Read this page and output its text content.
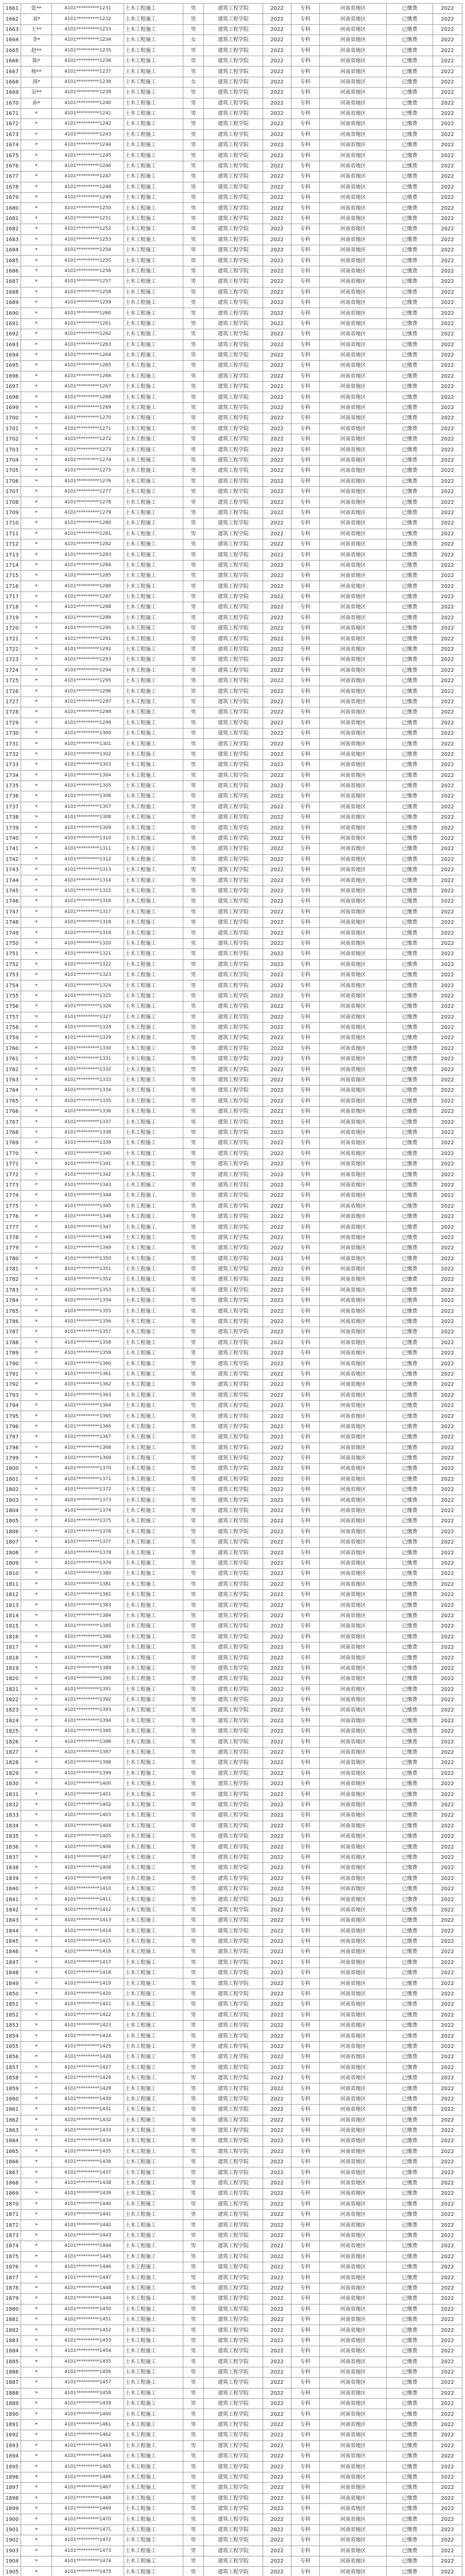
1661	张**	4101**********1231	土木工程施工	男	建筑工程学院	2022	专科	河南省地区	已缴费	2022
1662	刘*	4101**********1232	土木工程施工	男	建筑工程学院	2022	专科	河南省地区	已缴费	2022
1663	王**	4101**********1233	土木工程施工	男	建筑工程学院	2022	专科	河南省地区	已缴费	2022
1664	李*	4101**********1234	土木工程施工	女	建筑工程学院	2022	专科	河南省地区	已缴费	2022
1665	赵**	4101**********1235	土木工程施工	男	建筑工程学院	2022	专科	河南省地区	已缴费	2022
1666	陈*	4101**********1236	土木工程施工	男	建筑工程学院	2022	专科	河南省地区	已缴费	2022
1667	杨**	4101**********1237	土木工程施工	男	建筑工程学院	2022	专科	河南省地区	已缴费	2022
1668	周*	4101**********1238	土木工程施工	女	建筑工程学院	2022	专科	河南省地区	已缴费	2022
1669	吴**	4101**********1239	土木工程施工	男	建筑工程学院	2022	专科	河南省地区	已缴费	2022
1670	孙*	4101**********1240	土木工程施工	男	建筑工程学院	2022	专科	河南省地区	已缴费	2022
1671	*	4101**********1241	土木工程施工	男	建筑工程学院	2022	专科	河南省地区	已缴费	2022
1672	*	4101**********1242	土木工程施工	男	建筑工程学院	2022	专科	河南省地区	已缴费	2022
1673	*	4101**********1243	土木工程施工	男	建筑工程学院	2022	专科	河南省地区	已缴费	2022
1674	*	4101**********1244	土木工程施工	男	建筑工程学院	2022	专科	河南省地区	已缴费	2022
1675	*	4101**********1245	土木工程施工	男	建筑工程学院	2022	专科	河南省地区	已缴费	2022
1676	*	4101**********1246	土木工程施工	男	建筑工程学院	2022	专科	河南省地区	已缴费	2022
1677	*	4101**********1247	土木工程施工	男	建筑工程学院	2022	专科	河南省地区	已缴费	2022
1678	*	4101**********1248	土木工程施工	男	建筑工程学院	2022	专科	河南省地区	已缴费	2022
1679	*	4101**********1249	土木工程施工	男	建筑工程学院	2022	专科	河南省地区	已缴费	2022
1680	*	4101**********1250	土木工程施工	男	建筑工程学院	2022	专科	河南省地区	已缴费	2022
1681	*	4101**********1251	土木工程施工	男	建筑工程学院	2022	专科	河南省地区	已缴费	2022
1682	*	4101**********1252	土木工程施工	男	建筑工程学院	2022	专科	河南省地区	已缴费	2022
1683	*	4101**********1253	土木工程施工	男	建筑工程学院	2022	专科	河南省地区	已缴费	2022
1684	*	4101**********1254	土木工程施工	男	建筑工程学院	2022	专科	河南省地区	已缴费	2022
1685	*	4101**********1255	土木工程施工	男	建筑工程学院	2022	专科	河南省地区	已缴费	2022
1686	*	4101**********1256	土木工程施工	男	建筑工程学院	2022	专科	河南省地区	已缴费	2022
1687	*	4101**********1257	土木工程施工	男	建筑工程学院	2022	专科	河南省地区	已缴费	2022
1688	*	4101**********1258	土木工程施工	男	建筑工程学院	2022	专科	河南省地区	已缴费	2022
1689	*	4101**********1259	土木工程施工	男	建筑工程学院	2022	专科	河南省地区	已缴费	2022
1690	*	4101**********1260	土木工程施工	男	建筑工程学院	2022	专科	河南省地区	已缴费	2022
1691	*	4101**********1261	土木工程施工	男	建筑工程学院	2022	专科	河南省地区	已缴费	2022
1692	*	4101**********1262	土木工程施工	男	建筑工程学院	2022	专科	河南省地区	已缴费	2022
1693	*	4101**********1263	土木工程施工	男	建筑工程学院	2022	专科	河南省地区	已缴费	2022
1694	*	4101**********1264	土木工程施工	男	建筑工程学院	2022	专科	河南省地区	已缴费	2022
1695	*	4101**********1265	土木工程施工	男	建筑工程学院	2022	专科	河南省地区	已缴费	2022
1696	*	4101**********1266	土木工程施工	男	建筑工程学院	2022	专科	河南省地区	已缴费	2022
1697	*	4101**********1267	土木工程施工	男	建筑工程学院	2022	专科	河南省地区	已缴费	2022
1698	*	4101**********1268	土木工程施工	男	建筑工程学院	2022	专科	河南省地区	已缴费	2022
1699	*	4101**********1269	土木工程施工	男	建筑工程学院	2022	专科	河南省地区	已缴费	2022
1700	*	4101**********1270	土木工程施工	男	建筑工程学院	2022	专科	河南省地区	已缴费	2022
1701	*	4101**********1271	土木工程施工	男	建筑工程学院	2022	专科	河南省地区	已缴费	2022
1702	*	4101**********1272	土木工程施工	男	建筑工程学院	2022	专科	河南省地区	已缴费	2022
1703	*	4101**********1273	土木工程施工	男	建筑工程学院	2022	专科	河南省地区	已缴费	2022
1704	*	4101**********1274	土木工程施工	男	建筑工程学院	2022	专科	河南省地区	已缴费	2022
1705	*	4101**********1275	土木工程施工	男	建筑工程学院	2022	专科	河南省地区	已缴费	2022
1706	*	4101**********1276	土木工程施工	男	建筑工程学院	2022	专科	河南省地区	已缴费	2022
1707	*	4101**********1277	土木工程施工	男	建筑工程学院	2022	专科	河南省地区	已缴费	2022
1708	*	4101**********1278	土木工程施工	男	建筑工程学院	2022	专科	河南省地区	已缴费	2022
1709	*	4101**********1279	土木工程施工	男	建筑工程学院	2022	专科	河南省地区	已缴费	2022
1710	*	4101**********1280	土木工程施工	男	建筑工程学院	2022	专科	河南省地区	已缴费	2022
1711	*	4101**********1281	土木工程施工	男	建筑工程学院	2022	专科	河南省地区	已缴费	2022
1712	*	4101**********1282	土木工程施工	男	建筑工程学院	2022	专科	河南省地区	已缴费	2022
1713	*	4101**********1283	土木工程施工	男	建筑工程学院	2022	专科	河南省地区	已缴费	2022
1714	*	4101**********1284	土木工程施工	男	建筑工程学院	2022	专科	河南省地区	已缴费	2022
1715	*	4101**********1285	土木工程施工	男	建筑工程学院	2022	专科	河南省地区	已缴费	2022
1716	*	4101**********1286	土木工程施工	男	建筑工程学院	2022	专科	河南省地区	已缴费	2022
1717	*	4101**********1287	土木工程施工	男	建筑工程学院	2022	专科	河南省地区	已缴费	2022
1718	*	4101**********1288	土木工程施工	男	建筑工程学院	2022	专科	河南省地区	已缴费	2022
1719	*	4101**********1289	土木工程施工	男	建筑工程学院	2022	专科	河南省地区	已缴费	2022
1720	*	4101**********1290	土木工程施工	男	建筑工程学院	2022	专科	河南省地区	已缴费	2022
1721	*	4101**********1291	土木工程施工	男	建筑工程学院	2022	专科	河南省地区	已缴费	2022
1722	*	4101**********1292	土木工程施工	男	建筑工程学院	2022	专科	河南省地区	已缴费	2022
1723	*	4101**********1293	土木工程施工	男	建筑工程学院	2022	专科	河南省地区	已缴费	2022
1724	*	4101**********1294	土木工程施工	男	建筑工程学院	2022	专科	河南省地区	已缴费	2022
1725	*	4101**********1295	土木工程施工	男	建筑工程学院	2022	专科	河南省地区	已缴费	2022
1726	*	4101**********1296	土木工程施工	男	建筑工程学院	2022	专科	河南省地区	已缴费	2022
1727	*	4101**********1297	土木工程施工	男	建筑工程学院	2022	专科	河南省地区	已缴费	2022
1728	*	4101**********1298	土木工程施工	男	建筑工程学院	2022	专科	河南省地区	已缴费	2022
1729	*	4101**********1299	土木工程施工	男	建筑工程学院	2022	专科	河南省地区	已缴费	2022
1730	*	4101**********1300	土木工程施工	男	建筑工程学院	2022	专科	河南省地区	已缴费	2022
1731	*	4101**********1301	土木工程施工	男	建筑工程学院	2022	专科	河南省地区	已缴费	2022
1732	*	4101**********1302	土木工程施工	男	建筑工程学院	2022	专科	河南省地区	已缴费	2022
1733	*	4101**********1303	土木工程施工	男	建筑工程学院	2022	专科	河南省地区	已缴费	2022
1734	*	4101**********1304	土木工程施工	男	建筑工程学院	2022	专科	河南省地区	已缴费	2022
1735	*	4101**********1305	土木工程施工	男	建筑工程学院	2022	专科	河南省地区	已缴费	2022
1736	*	4101**********1306	土木工程施工	男	建筑工程学院	2022	专科	河南省地区	已缴费	2022
1737	*	4101**********1307	土木工程施工	男	建筑工程学院	2022	专科	河南省地区	已缴费	2022
1738	*	4101**********1308	土木工程施工	男	建筑工程学院	2022	专科	河南省地区	已缴费	2022
1739	*	4101**********1309	土木工程施工	男	建筑工程学院	2022	专科	河南省地区	已缴费	2022
1740	*	4101**********1310	土木工程施工	男	建筑工程学院	2022	专科	河南省地区	已缴费	2022
1741	*	4101**********1311	土木工程施工	男	建筑工程学院	2022	专科	河南省地区	已缴费	2022
1742	*	4101**********1312	土木工程施工	男	建筑工程学院	2022	专科	河南省地区	已缴费	2022
1743	*	4101**********1313	土木工程施工	男	建筑工程学院	2022	专科	河南省地区	已缴费	2022
1744	*	4101**********1314	土木工程施工	男	建筑工程学院	2022	专科	河南省地区	已缴费	2022
1745	*	4101**********1315	土木工程施工	男	建筑工程学院	2022	专科	河南省地区	已缴费	2022
1746	*	4101**********1316	土木工程施工	男	建筑工程学院	2022	专科	河南省地区	已缴费	2022
1747	*	4101**********1317	土木工程施工	男	建筑工程学院	2022	专科	河南省地区	已缴费	2022
1748	*	4101**********1318	土木工程施工	男	建筑工程学院	2022	专科	河南省地区	已缴费	2022
1749	*	4101**********1319	土木工程施工	男	建筑工程学院	2022	专科	河南省地区	已缴费	2022
1750	*	4101**********1320	土木工程施工	男	建筑工程学院	2022	专科	河南省地区	已缴费	2022
1751	*	4101**********1321	土木工程施工	男	建筑工程学院	2022	专科	河南省地区	已缴费	2022
1752	*	4101**********1322	土木工程施工	男	建筑工程学院	2022	专科	河南省地区	已缴费	2022
1753	*	4101**********1323	土木工程施工	男	建筑工程学院	2022	专科	河南省地区	已缴费	2022
1754	*	4101**********1324	土木工程施工	男	建筑工程学院	2022	专科	河南省地区	已缴费	2022
1755	*	4101**********1325	土木工程施工	男	建筑工程学院	2022	专科	河南省地区	已缴费	2022
1756	*	4101**********1326	土木工程施工	男	建筑工程学院	2022	专科	河南省地区	已缴费	2022
1757	*	4101**********1327	土木工程施工	男	建筑工程学院	2022	专科	河南省地区	已缴费	2022
1758	*	4101**********1328	土木工程施工	男	建筑工程学院	2022	专科	河南省地区	已缴费	2022
1759	*	4101**********1329	土木工程施工	男	建筑工程学院	2022	专科	河南省地区	已缴费	2022
1760	*	4101**********1330	土木工程施工	男	建筑工程学院	2022	专科	河南省地区	已缴费	2022
1761	*	4101**********1331	土木工程施工	男	建筑工程学院	2022	专科	河南省地区	已缴费	2022
1762	*	4101**********1332	土木工程施工	男	建筑工程学院	2022	专科	河南省地区	已缴费	2022
1763	*	4101**********1333	土木工程施工	男	建筑工程学院	2022	专科	河南省地区	已缴费	2022
1764	*	4101**********1334	土木工程施工	男	建筑工程学院	2022	专科	河南省地区	已缴费	2022
1765	*	4101**********1335	土木工程施工	男	建筑工程学院	2022	专科	河南省地区	已缴费	2022
1766	*	4101**********1336	土木工程施工	男	建筑工程学院	2022	专科	河南省地区	已缴费	2022
1767	*	4101**********1337	土木工程施工	男	建筑工程学院	2022	专科	河南省地区	已缴费	2022
1768	*	4101**********1338	土木工程施工	男	建筑工程学院	2022	专科	河南省地区	已缴费	2022
1769	*	4101**********1339	土木工程施工	男	建筑工程学院	2022	专科	河南省地区	已缴费	2022
1770	*	4101**********1340	土木工程施工	男	建筑工程学院	2022	专科	河南省地区	已缴费	2022
1771	*	4101**********1341	土木工程施工	男	建筑工程学院	2022	专科	河南省地区	已缴费	2022
1772	*	4101**********1342	土木工程施工	男	建筑工程学院	2022	专科	河南省地区	已缴费	2022
1773	*	4101**********1343	土木工程施工	男	建筑工程学院	2022	专科	河南省地区	已缴费	2022
1774	*	4101**********1344	土木工程施工	男	建筑工程学院	2022	专科	河南省地区	已缴费	2022
1775	*	4101**********1345	土木工程施工	男	建筑工程学院	2022	专科	河南省地区	已缴费	2022
1776	*	4101**********1346	土木工程施工	男	建筑工程学院	2022	专科	河南省地区	已缴费	2022
1777	*	4101**********1347	土木工程施工	男	建筑工程学院	2022	专科	河南省地区	已缴费	2022
1778	*	4101**********1348	土木工程施工	男	建筑工程学院	2022	专科	河南省地区	已缴费	2022
1779	*	4101**********1349	土木工程施工	男	建筑工程学院	2022	专科	河南省地区	已缴费	2022
1780	*	4101**********1350	土木工程施工	男	建筑工程学院	2022	专科	河南省地区	已缴费	2022
1781	*	4101**********1351	土木工程施工	男	建筑工程学院	2022	专科	河南省地区	已缴费	2022
1782	*	4101**********1352	土木工程施工	男	建筑工程学院	2022	专科	河南省地区	已缴费	2022
1783	*	4101**********1353	土木工程施工	男	建筑工程学院	2022	专科	河南省地区	已缴费	2022
1784	*	4101**********1354	土木工程施工	男	建筑工程学院	2022	专科	河南省地区	已缴费	2022
1785	*	4101**********1355	土木工程施工	男	建筑工程学院	2022	专科	河南省地区	已缴费	2022
1786	*	4101**********1356	土木工程施工	男	建筑工程学院	2022	专科	河南省地区	已缴费	2022
1787	*	4101**********1357	土木工程施工	男	建筑工程学院	2022	专科	河南省地区	已缴费	2022
1788	*	4101**********1358	土木工程施工	男	建筑工程学院	2022	专科	河南省地区	已缴费	2022
1789	*	4101**********1359	土木工程施工	男	建筑工程学院	2022	专科	河南省地区	已缴费	2022
1790	*	4101**********1360	土木工程施工	男	建筑工程学院	2022	专科	河南省地区	已缴费	2022
1791	*	4101**********1361	土木工程施工	男	建筑工程学院	2022	专科	河南省地区	已缴费	2022
1792	*	4101**********1362	土木工程施工	男	建筑工程学院	2022	专科	河南省地区	已缴费	2022
1793	*	4101**********1363	土木工程施工	男	建筑工程学院	2022	专科	河南省地区	已缴费	2022
1794	*	4101**********1364	土木工程施工	男	建筑工程学院	2022	专科	河南省地区	已缴费	2022
1795	*	4101**********1365	土木工程施工	男	建筑工程学院	2022	专科	河南省地区	已缴费	2022
1796	*	4101**********1366	土木工程施工	男	建筑工程学院	2022	专科	河南省地区	已缴费	2022
1797	*	4101**********1367	土木工程施工	男	建筑工程学院	2022	专科	河南省地区	已缴费	2022
1798	*	4101**********1368	土木工程施工	男	建筑工程学院	2022	专科	河南省地区	已缴费	2022
1799	*	4101**********1369	土木工程施工	男	建筑工程学院	2022	专科	河南省地区	已缴费	2022
1800	*	4101**********1370	土木工程施工	男	建筑工程学院	2022	专科	河南省地区	已缴费	2022
1801	*	4101**********1371	土木工程施工	男	建筑工程学院	2022	专科	河南省地区	已缴费	2022
1802	*	4101**********1372	土木工程施工	男	建筑工程学院	2022	专科	河南省地区	已缴费	2022
1803	*	4101**********1373	土木工程施工	男	建筑工程学院	2022	专科	河南省地区	已缴费	2022
1804	*	4101**********1374	土木工程施工	男	建筑工程学院	2022	专科	河南省地区	已缴费	2022
1805	*	4101**********1375	土木工程施工	男	建筑工程学院	2022	专科	河南省地区	已缴费	2022
1806	*	4101**********1376	土木工程施工	男	建筑工程学院	2022	专科	河南省地区	已缴费	2022
1807	*	4101**********1377	土木工程施工	男	建筑工程学院	2022	专科	河南省地区	已缴费	2022
1808	*	4101**********1378	土木工程施工	男	建筑工程学院	2022	专科	河南省地区	已缴费	2022
1809	*	4101**********1379	土木工程施工	男	建筑工程学院	2022	专科	河南省地区	已缴费	2022
1810	*	4101**********1380	土木工程施工	男	建筑工程学院	2022	专科	河南省地区	已缴费	2022
1811	*	4101**********1381	土木工程施工	男	建筑工程学院	2022	专科	河南省地区	已缴费	2022
1812	*	4101**********1382	土木工程施工	男	建筑工程学院	2022	专科	河南省地区	已缴费	2022
1813	*	4101**********1383	土木工程施工	男	建筑工程学院	2022	专科	河南省地区	已缴费	2022
1814	*	4101**********1384	土木工程施工	男	建筑工程学院	2022	专科	河南省地区	已缴费	2022
1815	*	4101**********1385	土木工程施工	男	建筑工程学院	2022	专科	河南省地区	已缴费	2022
1816	*	4101**********1386	土木工程施工	男	建筑工程学院	2022	专科	河南省地区	已缴费	2022
1817	*	4101**********1387	土木工程施工	男	建筑工程学院	2022	专科	河南省地区	已缴费	2022
1818	*	4101**********1388	土木工程施工	男	建筑工程学院	2022	专科	河南省地区	已缴费	2022
1819	*	4101**********1389	土木工程施工	男	建筑工程学院	2022	专科	河南省地区	已缴费	2022
1820	*	4101**********1390	土木工程施工	男	建筑工程学院	2022	专科	河南省地区	已缴费	2022
1821	*	4101**********1391	土木工程施工	男	建筑工程学院	2022	专科	河南省地区	已缴费	2022
1822	*	4101**********1392	土木工程施工	男	建筑工程学院	2022	专科	河南省地区	已缴费	2022
1823	*	4101**********1393	土木工程施工	男	建筑工程学院	2022	专科	河南省地区	已缴费	2022
1824	*	4101**********1394	土木工程施工	男	建筑工程学院	2022	专科	河南省地区	已缴费	2022
1825	*	4101**********1395	土木工程施工	男	建筑工程学院	2022	专科	河南省地区	已缴费	2022
1826	*	4101**********1396	土木工程施工	男	建筑工程学院	2022	专科	河南省地区	已缴费	2022
1827	*	4101**********1397	土木工程施工	男	建筑工程学院	2022	专科	河南省地区	已缴费	2022
1828	*	4101**********1398	土木工程施工	男	建筑工程学院	2022	专科	河南省地区	已缴费	2022
1829	*	4101**********1399	土木工程施工	男	建筑工程学院	2022	专科	河南省地区	已缴费	2022
1830	*	4101**********1400	土木工程施工	男	建筑工程学院	2022	专科	河南省地区	已缴费	2022
1831	*	4101**********1401	土木工程施工	男	建筑工程学院	2022	专科	河南省地区	已缴费	2022
1832	*	4101**********1402	土木工程施工	男	建筑工程学院	2022	专科	河南省地区	已缴费	2022
1833	*	4101**********1403	土木工程施工	男	建筑工程学院	2022	专科	河南省地区	已缴费	2022
1834	*	4101**********1404	土木工程施工	男	建筑工程学院	2022	专科	河南省地区	已缴费	2022
1835	*	4101**********1405	土木工程施工	男	建筑工程学院	2022	专科	河南省地区	已缴费	2022
1836	*	4101**********1406	土木工程施工	男	建筑工程学院	2022	专科	河南省地区	已缴费	2022
1837	*	4101**********1407	土木工程施工	男	建筑工程学院	2022	专科	河南省地区	已缴费	2022
1838	*	4101**********1408	土木工程施工	男	建筑工程学院	2022	专科	河南省地区	已缴费	2022
1839	*	4101**********1409	土木工程施工	男	建筑工程学院	2022	专科	河南省地区	已缴费	2022
1840	*	4101**********1410	土木工程施工	男	建筑工程学院	2022	专科	河南省地区	已缴费	2022
1841	*	4101**********1411	土木工程施工	男	建筑工程学院	2022	专科	河南省地区	已缴费	2022
1842	*	4101**********1412	土木工程施工	男	建筑工程学院	2022	专科	河南省地区	已缴费	2022
1843	*	4101**********1413	土木工程施工	男	建筑工程学院	2022	专科	河南省地区	已缴费	2022
1844	*	4101**********1414	土木工程施工	男	建筑工程学院	2022	专科	河南省地区	已缴费	2022
1845	*	4101**********1415	土木工程施工	男	建筑工程学院	2022	专科	河南省地区	已缴费	2022
1846	*	4101**********1416	土木工程施工	男	建筑工程学院	2022	专科	河南省地区	已缴费	2022
1847	*	4101**********1417	土木工程施工	男	建筑工程学院	2022	专科	河南省地区	已缴费	2022
1848	*	4101**********1418	土木工程施工	男	建筑工程学院	2022	专科	河南省地区	已缴费	2022
1849	*	4101**********1419	土木工程施工	男	建筑工程学院	2022	专科	河南省地区	已缴费	2022
1850	*	4101**********1420	土木工程施工	男	建筑工程学院	2022	专科	河南省地区	已缴费	2022
1851	*	4101**********1421	土木工程施工	男	建筑工程学院	2022	专科	河南省地区	已缴费	2022
1852	*	4101**********1422	土木工程施工	男	建筑工程学院	2022	专科	河南省地区	已缴费	2022
1853	*	4101**********1423	土木工程施工	男	建筑工程学院	2022	专科	河南省地区	已缴费	2022
1854	*	4101**********1424	土木工程施工	男	建筑工程学院	2022	专科	河南省地区	已缴费	2022
1855	*	4101**********1425	土木工程施工	男	建筑工程学院	2022	专科	河南省地区	已缴费	2022
1856	*	4101**********1426	土木工程施工	男	建筑工程学院	2022	专科	河南省地区	已缴费	2022
1857	*	4101**********1427	土木工程施工	男	建筑工程学院	2022	专科	河南省地区	已缴费	2022
1858	*	4101**********1428	土木工程施工	男	建筑工程学院	2022	专科	河南省地区	已缴费	2022
1859	*	4101**********1429	土木工程施工	男	建筑工程学院	2022	专科	河南省地区	已缴费	2022
1860	*	4101**********1430	土木工程施工	男	建筑工程学院	2022	专科	河南省地区	已缴费	2022
1861	*	4101**********1431	土木工程施工	男	建筑工程学院	2022	专科	河南省地区	已缴费	2022
1862	*	4101**********1432	土木工程施工	男	建筑工程学院	2022	专科	河南省地区	已缴费	2022
1863	*	4101**********1433	土木工程施工	男	建筑工程学院	2022	专科	河南省地区	已缴费	2022
1864	*	4101**********1434	土木工程施工	男	建筑工程学院	2022	专科	河南省地区	已缴费	2022
1865	*	4101**********1435	土木工程施工	男	建筑工程学院	2022	专科	河南省地区	已缴费	2022
1866	*	4101**********1436	土木工程施工	男	建筑工程学院	2022	专科	河南省地区	已缴费	2022
1867	*	4101**********1437	土木工程施工	男	建筑工程学院	2022	专科	河南省地区	已缴费	2022
1868	*	4101**********1438	土木工程施工	男	建筑工程学院	2022	专科	河南省地区	已缴费	2022
1869	*	4101**********1439	土木工程施工	男	建筑工程学院	2022	专科	河南省地区	已缴费	2022
1870	*	4101**********1440	土木工程施工	男	建筑工程学院	2022	专科	河南省地区	已缴费	2022
1871	*	4101**********1441	土木工程施工	男	建筑工程学院	2022	专科	河南省地区	已缴费	2022
1872	*	4101**********1442	土木工程施工	男	建筑工程学院	2022	专科	河南省地区	已缴费	2022
1873	*	4101**********1443	土木工程施工	男	建筑工程学院	2022	专科	河南省地区	已缴费	2022
1874	*	4101**********1444	土木工程施工	男	建筑工程学院	2022	专科	河南省地区	已缴费	2022
1875	*	4101**********1445	土木工程施工	男	建筑工程学院	2022	专科	河南省地区	已缴费	2022
1876	*	4101**********1446	土木工程施工	男	建筑工程学院	2022	专科	河南省地区	已缴费	2022
1877	*	4101**********1447	土木工程施工	男	建筑工程学院	2022	专科	河南省地区	已缴费	2022
1878	*	4101**********1448	土木工程施工	男	建筑工程学院	2022	专科	河南省地区	已缴费	2022
1879	*	4101**********1449	土木工程施工	男	建筑工程学院	2022	专科	河南省地区	已缴费	2022
1880	*	4101**********1450	土木工程施工	男	建筑工程学院	2022	专科	河南省地区	已缴费	2022
1881	*	4101**********1451	土木工程施工	男	建筑工程学院	2022	专科	河南省地区	已缴费	2022
1882	*	4101**********1452	土木工程施工	男	建筑工程学院	2022	专科	河南省地区	已缴费	2022
1883	*	4101**********1453	土木工程施工	男	建筑工程学院	2022	专科	河南省地区	已缴费	2022
1884	*	4101**********1454	土木工程施工	男	建筑工程学院	2022	专科	河南省地区	已缴费	2022
1885	*	4101**********1455	土木工程施工	男	建筑工程学院	2022	专科	河南省地区	已缴费	2022
1886	*	4101**********1456	土木工程施工	男	建筑工程学院	2022	专科	河南省地区	已缴费	2022
1887	*	4101**********1457	土木工程施工	男	建筑工程学院	2022	专科	河南省地区	已缴费	2022
1888	*	4101**********1458	土木工程施工	男	建筑工程学院	2022	专科	河南省地区	已缴费	2022
1889	*	4101**********1459	土木工程施工	男	建筑工程学院	2022	专科	河南省地区	已缴费	2022
1890	*	4101**********1460	土木工程施工	男	建筑工程学院	2022	专科	河南省地区	已缴费	2022
1891	*	4101**********1461	土木工程施工	男	建筑工程学院	2022	专科	河南省地区	已缴费	2022
1892	*	4101**********1462	土木工程施工	男	建筑工程学院	2022	专科	河南省地区	已缴费	2022
1893	*	4101**********1463	土木工程施工	男	建筑工程学院	2022	专科	河南省地区	已缴费	2022
1894	*	4101**********1464	土木工程施工	男	建筑工程学院	2022	专科	河南省地区	已缴费	2022
1895	*	4101**********1465	土木工程施工	男	建筑工程学院	2022	专科	河南省地区	已缴费	2022
1896	*	4101**********1466	土木工程施工	男	建筑工程学院	2022	专科	河南省地区	已缴费	2022
1897	*	4101**********1467	土木工程施工	男	建筑工程学院	2022	专科	河南省地区	已缴费	2022
1898	*	4101**********1468	土木工程施工	男	建筑工程学院	2022	专科	河南省地区	已缴费	2022
1899	*	4101**********1469	土木工程施工	男	建筑工程学院	2022	专科	河南省地区	已缴费	2022
1900	*	4101**********1470	土木工程施工	男	建筑工程学院	2022	专科	河南省地区	已缴费	2022
1901	*	4101**********1471	土木工程施工	男	建筑工程学院	2022	专科	河南省地区	已缴费	2022
1902	*	4101**********1472	土木工程施工	男	建筑工程学院	2022	专科	河南省地区	已缴费	2022
1903	*	4101**********1473	土木工程施工	男	建筑工程学院	2022	专科	河南省地区	已缴费	2022
1904	*	4101**********1474	土木工程施工	男	建筑工程学院	2022	专科	河南省地区	已缴费	2022
1905	*	4101**********1475	土木工程施工	男	建筑工程学院	2022	专科	河南省地区	已缴费	2022
